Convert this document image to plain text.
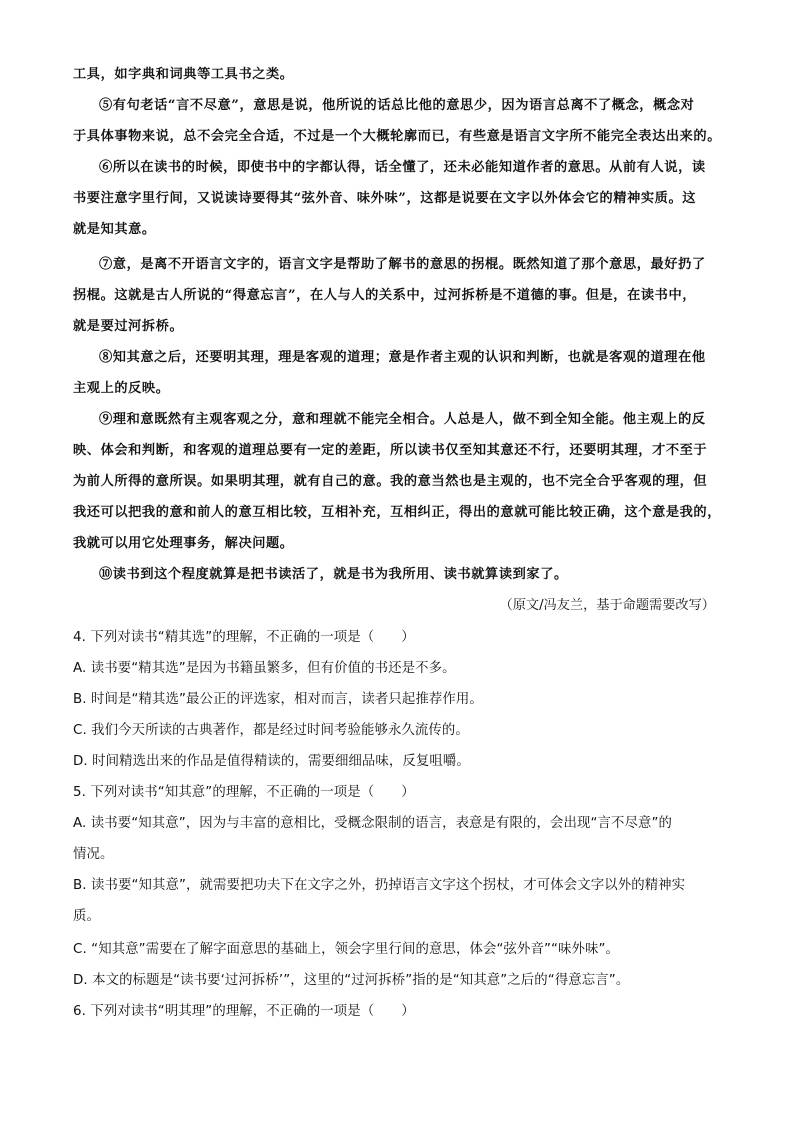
工具，如字典和词典等工具书之类。
⑤有句老话“言不尽意”，意思是说，他所说的话总比他的意思少，因为语言总离不了概念，概念对
于具体事物来说，总不会完全合适，不过是一个大概轮廓而已，有些意是语言文字所不能完全表达出来的。
⑥所以在读书的时候，即使书中的字都认得，话全懂了，还未必能知道作者的意思。从前有人说，读
书要注意字里行间，又说读诗要得其“弦外音、味外味”，这都是说要在文字以外体会它的精神实质。这
就是知其意。
⑦意，是离不开语言文字的，语言文字是帮助了解书的意思的拐棍。既然知道了那个意思，最好扔了
拐棍。这就是古人所说的“得意忘言”，在人与人的关系中，过河拆桥是不道德的事。但是，在读书中，
就是要过河拆桥。
⑧知其意之后，还要明其理，理是客观的道理；意是作者主观的认识和判断，也就是客观的道理在他
主观上的反映。
⑨理和意既然有主观客观之分，意和理就不能完全相合。人总是人，做不到全知全能。他主观上的反
映、体会和判断，和客观的道理总要有一定的差距，所以读书仅至知其意还不行，还要明其理，才不至于
为前人所得的意所误。如果明其理，就有自己的意。我的意当然也是主观的，也不完全合乎客观的理，但
我还可以把我的意和前人的意互相比较，互相补充，互相纠正，得出的意就可能比较正确，这个意是我的，
我就可以用它处理事务，解决问题。
⑩读书到这个程度就算是把书读活了，就是书为我所用、读书就算读到家了。
（原文/冯友兰，基于命题需要改写）
4. 下列对读书“精其选”的理解，不正确的一项是（　　）
A. 读书要“精其选”是因为书籍虽繁多，但有价值的书还是不多。
B. 时间是“精其选”最公正的评选家，相对而言，读者只起推荐作用。
C. 我们今天所读的古典著作，都是经过时间考验能够永久流传的。
D. 时间精选出来的作品是值得精读的，需要细细品味，反复咀嚼。
5. 下列对读书“知其意”的理解，不正确的一项是（　　）
A. 读书要“知其意”，因为与丰富的意相比，受概念限制的语言，表意是有限的，会出现“言不尽意”的
情况。
B. 读书要“知其意”，就需要把功夫下在文字之外，扔掉语言文字这个拐杖，才可体会文字以外的精神实
质。
C. “知其意”需要在了解字面意思的基础上，领会字里行间的意思，体会“弦外音”“味外味”。
D. 本文的标题是“读书要‘过河拆桥’”，这里的“过河拆桥”指的是“知其意”之后的“得意忘言”。
6. 下列对读书“明其理”的理解，不正确的一项是（　　）
